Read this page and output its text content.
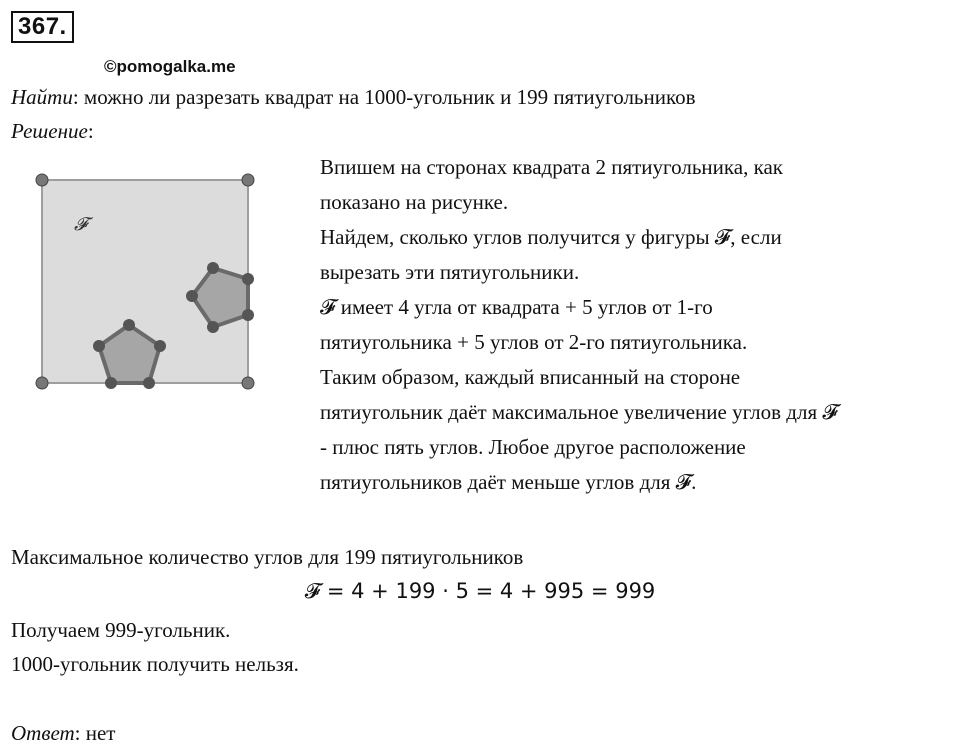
367.
©pomogalka.me
Найти: можно ли разрезать квадрат на 1000-угольник и 199 пятиугольников
Решение:
𝓕
Впишем на сторонах квадрата 2 пятиугольника, как
показано на рисунке.
Найдем, сколько углов получится у фигуры 𝓕, если
вырезать эти пятиугольники.
𝓕 имеет 4 угла от квадрата + 5 углов от 1-го
пятиугольника + 5 углов от 2-го пятиугольника.
Таким образом, каждый вписанный на стороне
пятиугольник даёт максимальное увеличение углов для 𝓕
- плюс пять углов. Любое другое расположение
пятиугольников даёт меньше углов для 𝓕.
Максимальное количество углов для 199 пятиугольников
𝓕 = 4 + 199 · 5 = 4 + 995 = 999
Получаем 999-угольник.
1000-угольник получить нельзя.
Ответ: нет
